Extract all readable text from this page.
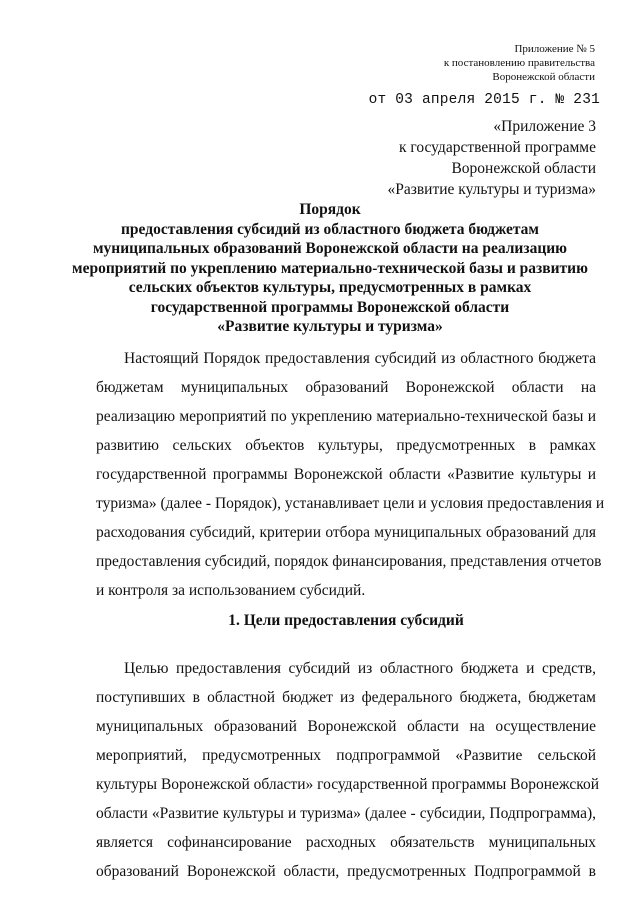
Приложение № 5
к постановлению правительства
Воронежской области
от 03 апреля 2015 г. № 231
«Приложение 3
к государственной программе
Воронежской области
«Развитие культуры и туризма»
Порядок
предоставления субсидий из областного бюджета бюджетам
муниципальных образований Воронежской области на реализацию
мероприятий по укреплению материально-технической базы и развитию
сельских объектов культуры, предусмотренных в рамках
государственной программы Воронежской области
«Развитие культуры и туризма»
Настоящий Порядок предоставления субсидий из областного бюджета
бюджетам муниципальных образований Воронежской области на
реализацию мероприятий по укреплению материально-технической базы и
развитию сельских объектов культуры, предусмотренных в рамках
государственной программы Воронежской области «Развитие культуры и
туризма» (далее - Порядок), устанавливает цели и условия предоставления и
расходования субсидий, критерии отбора муниципальных образований для
предоставления субсидий, порядок финансирования, представления отчетов
и контроля за использованием субсидий.
1. Цели предоставления субсидий
Целью предоставления субсидий из областного бюджета и средств,
поступивших в областной бюджет из федерального бюджета, бюджетам
муниципальных образований Воронежской области на осуществление
мероприятий, предусмотренных подпрограммой «Развитие сельской
культуры Воронежской области» государственной программы Воронежской
области «Развитие культуры и туризма» (далее - субсидии, Подпрограмма),
является софинансирование расходных обязательств муниципальных
образований Воронежской области, предусмотренных Подпрограммой в
